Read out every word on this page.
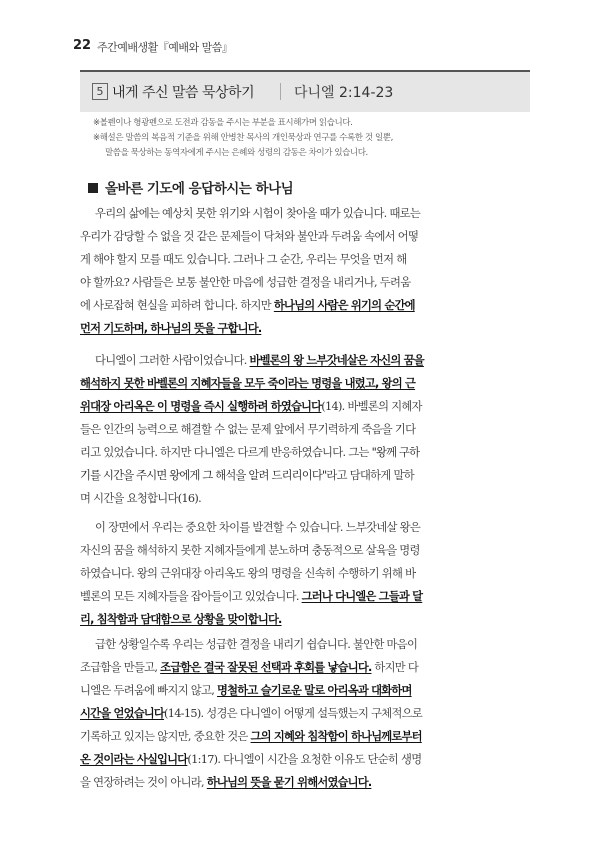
22 주간예배생활『예배와 말씀』
5 내게 주신 말씀 묵상하기	다니엘 2:14-23
※볼펜이나 형광펜으로 도전과 감동을 주시는 부분을 표시해가며 읽습니다.
※해설은 말씀의 복음적 기준을 위해 안병찬 목사의 개인묵상과 연구를 수록한 것 일뿐,
말씀을 묵상하는 동역자에게 주시는 은혜와 성령의 감동은 차이가 있습니다.
올바른 기도에 응답하시는 하나님
우리의 삶에는 예상치 못한 위기와 시험이 찾아올 때가 있습니다. 때로는
우리가 감당할 수 없을 것 같은 문제들이 닥쳐와 불안과 두려움 속에서 어떻
게 해야 할지 모를 때도 있습니다. 그러나 그 순간, 우리는 무엇을 먼저 해
야 할까요? 사람들은 보통 불안한 마음에 성급한 결정을 내리거나, 두려움
에 사로잡혀 현실을 피하려 합니다. 하지만 하나님의 사람은 위기의 순간에
먼저 기도하며, 하나님의 뜻을 구합니다.
다니엘이 그러한 사람이었습니다. 바벨론의 왕 느부갓네살은 자신의 꿈을
해석하지 못한 바벨론의 지혜자들을 모두 죽이라는 명령을 내렸고, 왕의 근
위대장 아리옥은 이 명령을 즉시 실행하려 하였습니다(14). 바벨론의 지혜자
들은 인간의 능력으로 해결할 수 없는 문제 앞에서 무기력하게 죽음을 기다
리고 있었습니다. 하지만 다니엘은 다르게 반응하였습니다. 그는 "왕께 구하
기를 시간을 주시면 왕에게 그 해석을 알려 드리리이다"라고 담대하게 말하
며 시간을 요청합니다(16).
이 장면에서 우리는 중요한 차이를 발견할 수 있습니다. 느부갓네살 왕은
자신의 꿈을 해석하지 못한 지혜자들에게 분노하며 충동적으로 살육을 명령
하였습니다. 왕의 근위대장 아리옥도 왕의 명령을 신속히 수행하기 위해 바
벨론의 모든 지혜자들을 잡아들이고 있었습니다. 그러나 다니엘은 그들과 달
리, 침착함과 담대함으로 상황을 맞이합니다.
급한 상황일수록 우리는 성급한 결정을 내리기 쉽습니다. 불안한 마음이
조급함을 만들고, 조급함은 결국 잘못된 선택과 후회를 낳습니다. 하지만 다
니엘은 두려움에 빠지지 않고, 명철하고 슬기로운 말로 아리옥과 대화하며
시간을 얻었습니다(14-15). 성경은 다니엘이 어떻게 설득했는지 구체적으로
기록하고 있지는 않지만, 중요한 것은 그의 지혜와 침착함이 하나님께로부터
온 것이라는 사실입니다(1:17). 다니엘이 시간을 요청한 이유도 단순히 생명
을 연장하려는 것이 아니라, 하나님의 뜻을 묻기 위해서였습니다.
